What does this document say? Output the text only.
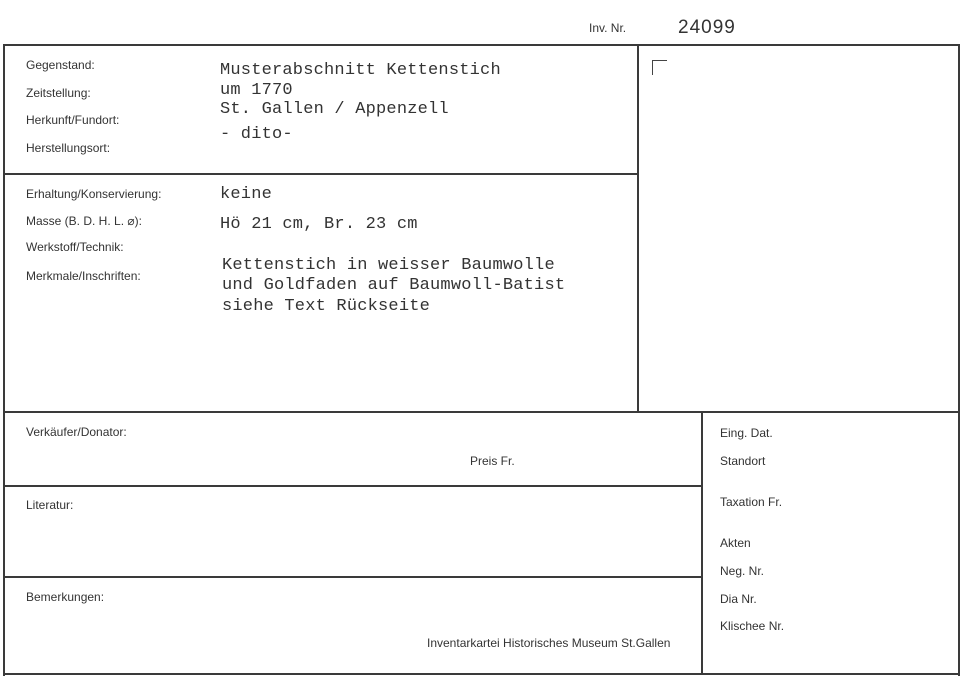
Inv. Nr.	24099
Gegenstand:
Zeitstellung:
Herkunft/Fundort:
Herstellungsort:
Musterabschnitt Kettenstich
um 1770
St. Gallen / Appenzell
- dito-
Erhaltung/Konservierung:
Masse (B. D. H. L. ⌀):
Werkstoff/Technik:
Merkmale/Inschriften:
keine
Hö 21 cm, Br. 23 cm
Kettenstich in weisser Baumwolle
und Goldfaden auf Baumwoll-Batist
siehe Text Rückseite
Verkäufer/Donator:
Preis Fr.
Literatur:
Bemerkungen:
Inventarkartei Historisches Museum St.Gallen
Eing. Dat.
Standort
Taxation Fr.
Akten
Neg. Nr.
Dia Nr.
Klischee Nr.
